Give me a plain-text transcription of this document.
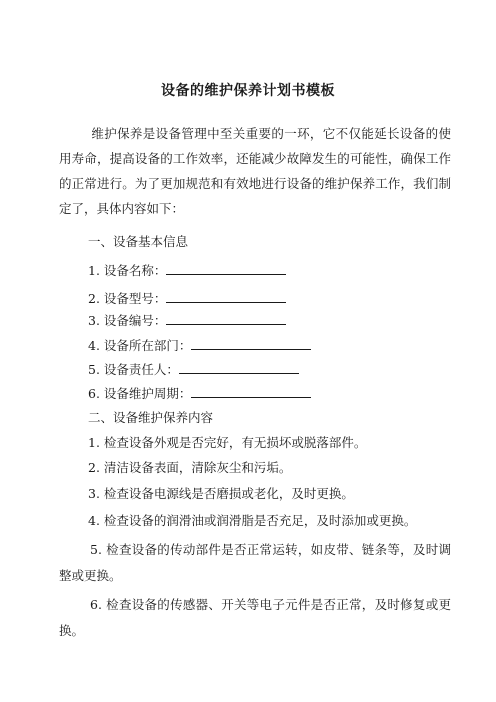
设备的维护保养计划书模板
维护保养是设备管理中至关重要的一环，它不仅能延长设备的使用寿命，提高设备的工作效率，还能减少故障发生的可能性，确保工作的正常进行。为了更加规范和有效地进行设备的维护保养工作，我们制定了，具体内容如下：
一、设备基本信息
1. 设备名称：
2. 设备型号：
3. 设备编号：
4. 设备所在部门：
5. 设备责任人：
6. 设备维护周期：
二、设备维护保养内容
1. 检查设备外观是否完好，有无损坏或脱落部件。
2. 清洁设备表面，清除灰尘和污垢。
3. 检查设备电源线是否磨损或老化，及时更换。
4. 检查设备的润滑油或润滑脂是否充足，及时添加或更换。
5. 检查设备的传动部件是否正常运转，如皮带、链条等，及时调整或更换。
6. 检查设备的传感器、开关等电子元件是否正常，及时修复或更换。
